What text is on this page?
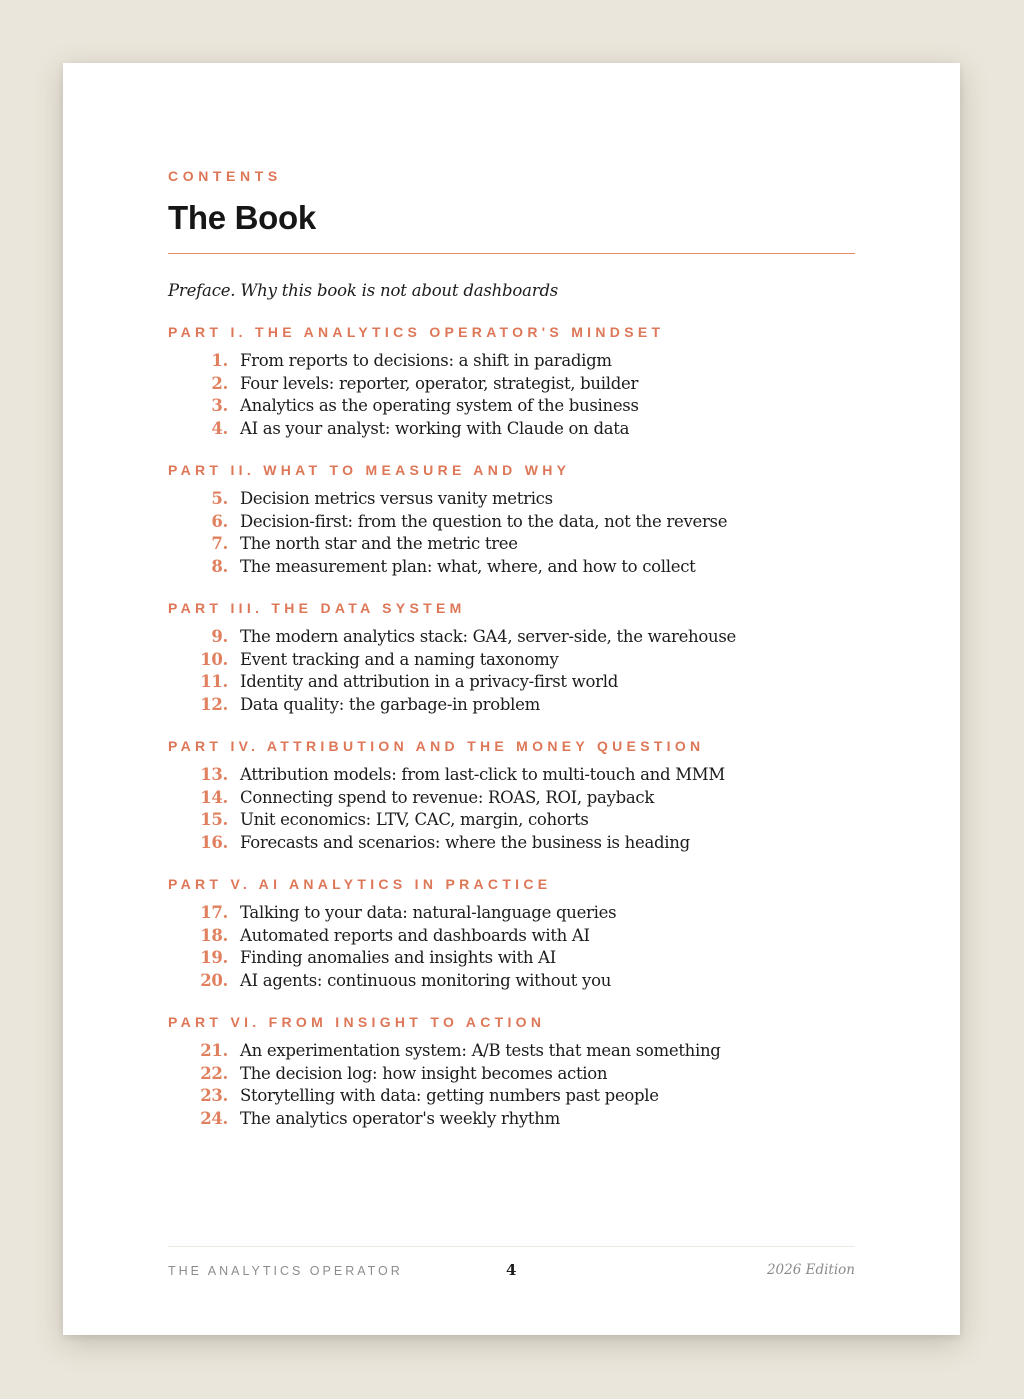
CONTENTS

The Book

Preface. Why this book is not about dashboards

PART I. THE ANALYTICS OPERATOR'S MINDSET
1. From reports to decisions: a shift in paradigm
2. Four levels: reporter, operator, strategist, builder
3. Analytics as the operating system of the business
4. AI as your analyst: working with Claude on data
PART II. WHAT TO MEASURE AND WHY
5. Decision metrics versus vanity metrics
6. Decision-first: from the question to the data, not the reverse
7. The north star and the metric tree
8. The measurement plan: what, where, and how to collect
PART III. THE DATA SYSTEM
9. The modern analytics stack: GA4, server-side, the warehouse
10. Event tracking and a naming taxonomy
11. Identity and attribution in a privacy-first world
12. Data quality: the garbage-in problem
PART IV. ATTRIBUTION AND THE MONEY QUESTION
13. Attribution models: from last-click to multi-touch and MMM
14. Connecting spend to revenue: ROAS, ROI, payback
15. Unit economics: LTV, CAC, margin, cohorts
16. Forecasts and scenarios: where the business is heading
PART V. AI ANALYTICS IN PRACTICE
17. Talking to your data: natural-language queries
18. Automated reports and dashboards with AI
19. Finding anomalies and insights with AI
20. AI agents: continuous monitoring without you
PART VI. FROM INSIGHT TO ACTION
21. An experimentation system: A/B tests that mean something
22. The decision log: how insight becomes action
23. Storytelling with data: getting numbers past people
24. The analytics operator's weekly rhythm
THE ANALYTICS OPERATOR	4	2026 Edition
